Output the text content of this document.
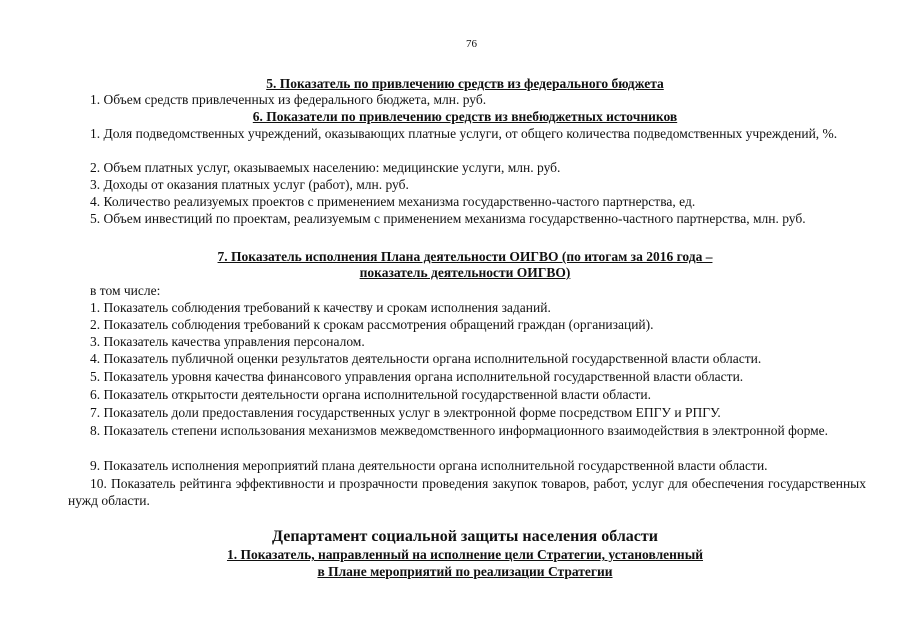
76
5. Показатель по привлечению средств из федерального бюджета
1. Объем средств привлеченных из федерального бюджета, млн. руб.
6. Показатели по привлечению средств из внебюджетных источников
1. Доля подведомственных учреждений, оказывающих платные услуги, от общего количества подведомственных учреждений, %.
2. Объем платных услуг, оказываемых населению: медицинские услуги, млн. руб.
3. Доходы от оказания платных услуг (работ), млн. руб.
4. Количество реализуемых проектов с применением механизма государственно-частого партнерства, ед.
5. Объем инвестиций по проектам, реализуемым с применением механизма государственно-частного партнерства, млн. руб.
7. Показатель исполнения Плана деятельности ОИГВО (по итогам за 2016 года –
показатель деятельности ОИГВО)
в том числе:
1. Показатель соблюдения требований к качеству и срокам исполнения заданий.
2. Показатель соблюдения требований к срокам рассмотрения обращений граждан (организаций).
3. Показатель качества управления персоналом.
4. Показатель публичной оценки результатов деятельности органа исполнительной государственной власти области.
5. Показатель уровня качества финансового управления органа исполнительной государственной власти области.
6. Показатель открытости деятельности органа исполнительной государственной власти области.
7. Показатель доли предоставления государственных услуг в электронной форме посредством ЕПГУ и РПГУ.
8. Показатель степени использования механизмов межведомственного информационного взаимодействия в электронной форме.
9. Показатель исполнения мероприятий плана деятельности органа исполнительной государственной власти области.
10. Показатель рейтинга эффективности и прозрачности проведения закупок товаров, работ, услуг для обеспечения государственных нужд области.
Департамент социальной защиты населения области
1. Показатель, направленный на исполнение цели Стратегии, установленный
в Плане мероприятий по реализации Стратегии
